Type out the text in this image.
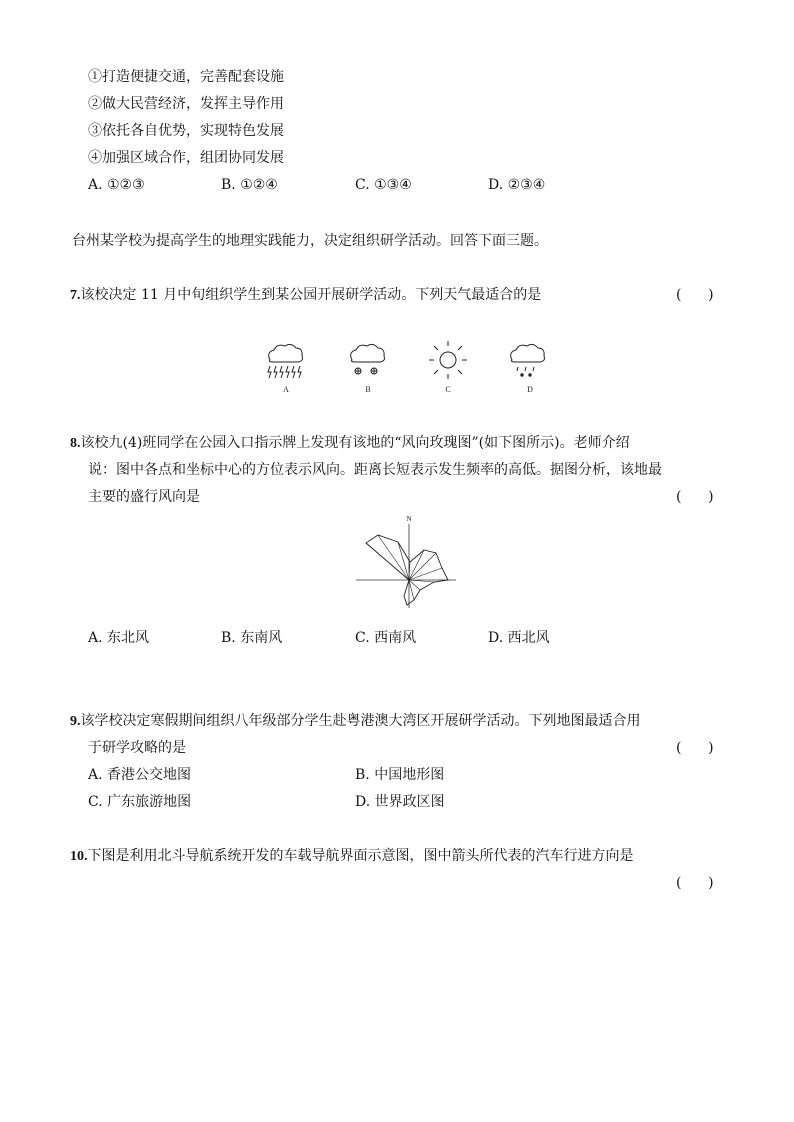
①打造便捷交通，完善配套设施
②做大民营经济，发挥主导作用
③依托各自优势，实现特色发展
④加强区域合作，组团协同发展
A. ①②③	B. ①②④	C. ①③④	D. ②③④
台州某学校为提高学生的地理实践能力，决定组织研学活动。回答下面三题。
7.该校决定 11 月中旬组织学生到某公园开展研学活动。下列天气最适合的是	(      )
A	B	C	D
8.该校九(4)班同学在公园入口指示牌上发现有该地的“风向玫瑰图”(如下图所示)。老师介绍
说：图中各点和坐标中心的方位表示风向。距离长短表示发生频率的高低。据图分析，该地最
主要的盛行风向是	(      )
N
A. 东北风	B. 东南风	C. 西南风	D. 西北风
9.该学校决定寒假期间组织八年级部分学生赴粤港澳大湾区开展研学活动。下列地图最适合用
于研学攻略的是	(      )
A. 香港公交地图	B. 中国地形图
C. 广东旅游地图	D. 世界政区图
10.下图是利用北斗导航系统开发的车载导航界面示意图，图中箭头所代表的汽车行进方向是
(      )
